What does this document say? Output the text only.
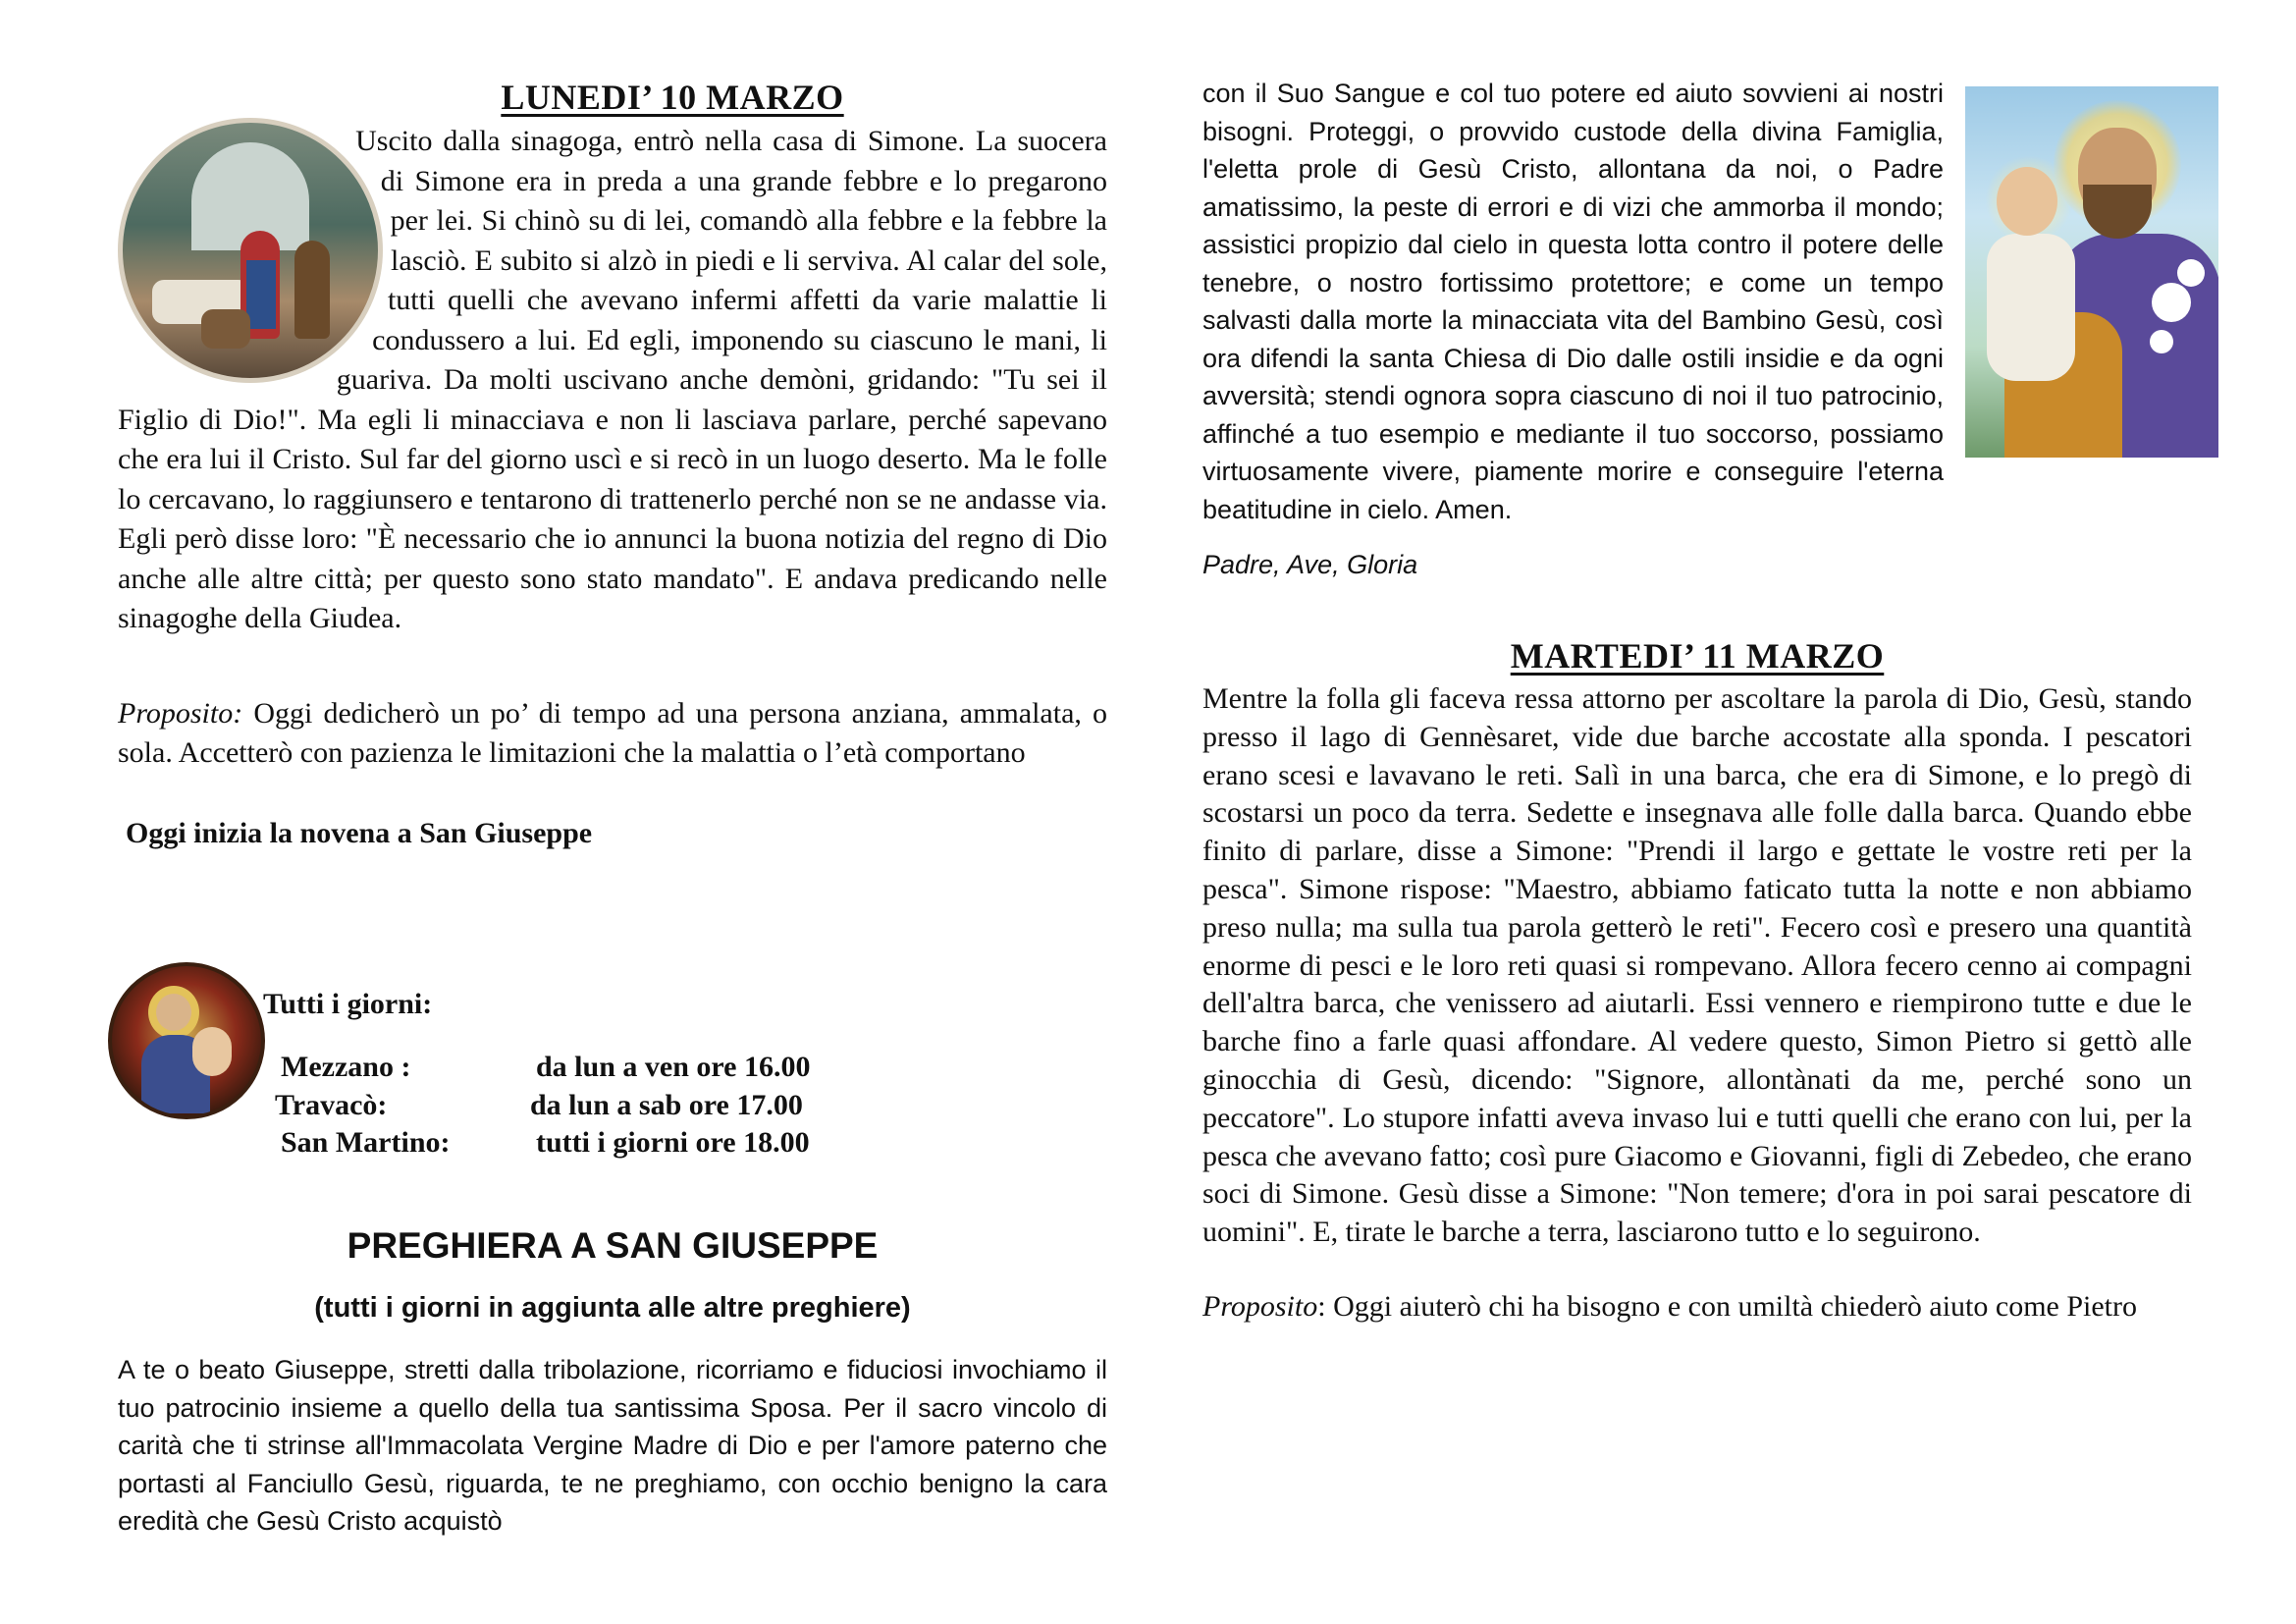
LUNEDI’ 10 MARZO

Uscito dalla sinagoga, entrò nella casa di Simone. La suocera di Simone era in preda a una grande febbre e lo pregarono per lei. Si chinò su di lei, comandò alla febbre e la febbre la lasciò. E subito si alzò in piedi e li serviva. Al calar del sole, tutti quelli che avevano infermi affetti da varie malattie li condussero a lui. Ed egli, imponendo su ciascuno le mani, li guariva. Da molti uscivano anche demòni, gridando: "Tu sei il Figlio di Dio!". Ma egli li minacciava e non li lasciava parlare, perché sapevano che era lui il Cristo. Sul far del giorno uscì e si recò in un luogo deserto. Ma le folle lo cercavano, lo raggiunsero e tentarono di trattenerlo perché non se ne andasse via. Egli però disse loro: "È necessario che io annunci la buona notizia del regno di Dio anche alle altre città; per questo sono stato mandato". E andava predicando nelle sinagoghe della Giudea.

Proposito: Oggi dedicherò un po’ di tempo ad una persona anziana, ammalata, o sola. Accetterò con pazienza le limitazioni che la malattia o l’età comportano

Oggi inizia la novena a San Giuseppe

Tutti i giorni:
Mezzano :	da lun a ven ore 16.00
Travacò:	da lun a sab ore 17.00
San Martino:	tutti i giorni ore 18.00
PREGHIERA A SAN GIUSEPPE
(tutti i giorni in aggiunta alle altre preghiere)

A te o beato Giuseppe, stretti dalla tribolazione, ricorriamo e fiduciosi invochiamo il tuo patrocinio insieme a quello della tua santissima Sposa. Per il sacro vincolo di carità che ti strinse all'Immacolata Vergine Madre di Dio e per l'amore paterno che portasti al Fanciullo Gesù, riguarda, te ne preghiamo, con occhio benigno la cara eredità che Gesù Cristo acquistò

con il Suo Sangue e col tuo potere ed aiuto sovvieni ai nostri bisogni. Proteggi, o provvido custode della divina Famiglia, l'eletta prole di Gesù Cristo, allontana da noi, o Padre amatissimo, la peste di errori e di vizi che ammorba il mondo; assistici propizio dal cielo in questa lotta contro il potere delle tenebre, o nostro fortissimo protettore; e come un tempo salvasti dalla morte la minacciata vita del Bambino Gesù, così ora difendi la santa Chiesa di Dio dalle ostili insidie e da ogni avversità; stendi ognora sopra ciascuno di noi il tuo patrocinio, affinché a tuo esempio e mediante il tuo soccorso, possiamo virtuosamente vivere, piamente morire e conseguire l'eterna beatitudine in cielo. Amen.

Padre, Ave, Gloria

MARTEDI’ 11 MARZO

Mentre la folla gli faceva ressa attorno per ascoltare la parola di Dio, Gesù, stando presso il lago di Gennèsaret, vide due barche accostate alla sponda. I pescatori erano scesi e lavavano le reti. Salì in una barca, che era di Simone, e lo pregò di scostarsi un poco da terra. Sedette e insegnava alle folle dalla barca. Quando ebbe finito di parlare, disse a Simone: "Prendi il largo e gettate le vostre reti per la pesca". Simone rispose: "Maestro, abbiamo faticato tutta la notte e non abbiamo preso nulla; ma sulla tua parola getterò le reti". Fecero così e presero una quantità enorme di pesci e le loro reti quasi si rompevano. Allora fecero cenno ai compagni dell'altra barca, che venissero ad aiutarli. Essi vennero e riempirono tutte e due le barche fino a farle quasi affondare. Al vedere questo, Simon Pietro si gettò alle ginocchia di Gesù, dicendo: "Signore, allontànati da me, perché sono un peccatore". Lo stupore infatti aveva invaso lui e tutti quelli che erano con lui, per la pesca che avevano fatto; così pure Giacomo e Giovanni, figli di Zebedeo, che erano soci di Simone. Gesù disse a Simone: "Non temere; d'ora in poi sarai pescatore di uomini". E, tirate le barche a terra, lasciarono tutto e lo seguirono.

Proposito: Oggi aiuterò chi ha bisogno e con umiltà chiederò aiuto come Pietro
